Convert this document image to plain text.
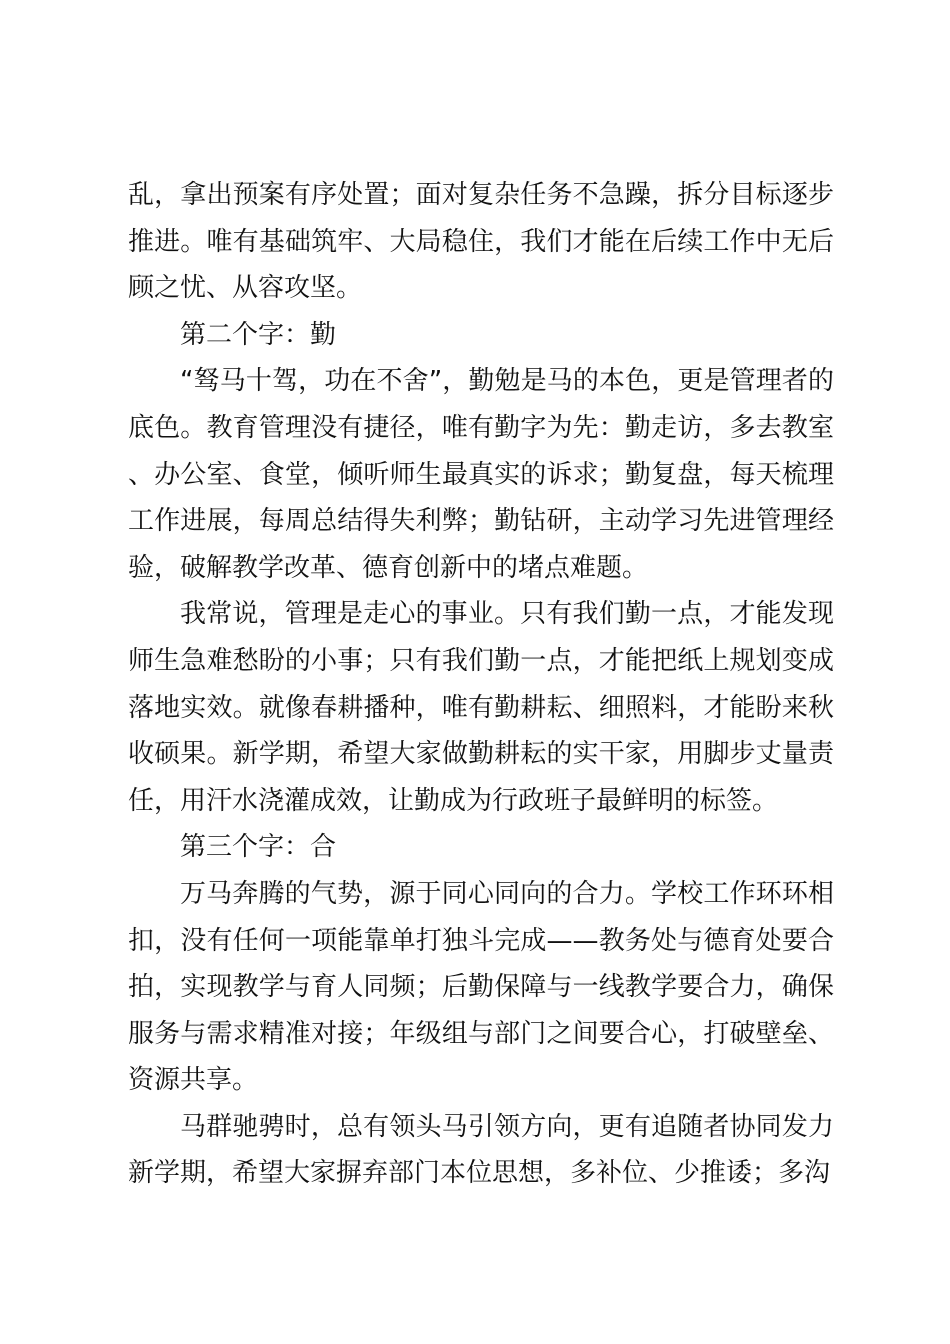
乱，拿出预案有序处置；面对复杂任务不急躁，拆分目标逐步推进。唯有基础筑牢、大局稳住，我们才能在后续工作中无后顾之忧、从容攻坚。

第二个字：勤

“驽马十驾，功在不舍”，勤勉是马的本色，更是管理者的底色。教育管理没有捷径，唯有勤字为先：勤走访，多去教室、办公室、食堂，倾听师生最真实的诉求；勤复盘，每天梳理工作进展，每周总结得失利弊；勤钻研，主动学习先进管理经验，破解教学改革、德育创新中的堵点难题。

我常说，管理是走心的事业。只有我们勤一点，才能发现师生急难愁盼的小事；只有我们勤一点，才能把纸上规划变成落地实效。就像春耕播种，唯有勤耕耘、细照料，才能盼来秋收硕果。新学期，希望大家做勤耕耘的实干家，用脚步丈量责任，用汗水浇灌成效，让勤成为行政班子最鲜明的标签。

第三个字：合

万马奔腾的气势，源于同心同向的合力。学校工作环环相扣，没有任何一项能靠单打独斗完成——教务处与德育处要合拍，实现教学与育人同频；后勤保障与一线教学要合力，确保服务与需求精准对接；年级组与部门之间要合心，打破壁垒、资源共享。

马群驰骋时，总有领头马引领方向，更有追随者协同发力新学期，希望大家摒弃部门本位思想，多补位、少推诿；多沟
